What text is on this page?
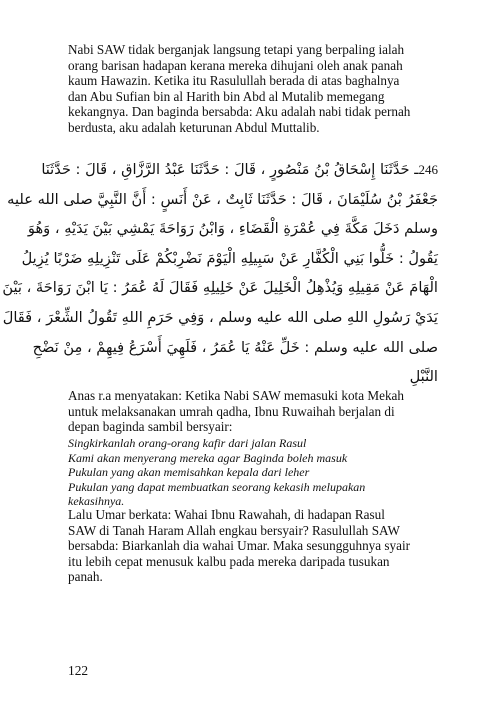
Nabi SAW tidak berganjak langsung tetapi yang berpaling ialah
orang barisan hadapan kerana mereka dihujani oleh anak panah
kaum Hawazin. Ketika itu Rasulullah berada di atas baghalnya
dan Abu Sufian bin al Harith bin Abd al Mutalib memegang
kekangnya. Dan baginda bersabda: Aku adalah nabi tidak pernah
berdusta, aku adalah keturunan Abdul Muttalib.
246ـ حَدَّثَنَا إِسْحَاقُ بْنُ مَنْصُورٍ ، قَالَ : حَدَّثَنَا عَبْدُ الرَّزَّاقِ ، قَالَ : حَدَّثَنَا
جَعْفَرُ بْنُ سُلَيْمَانَ ، قَالَ : حَدَّثَنَا ثَابِتٌ ، عَنْ أَنَسٍ : أَنَّ النَّبِيَّ صلى الله عليه
وسلم دَخَلَ مَكَّةَ فِي عُمْرَةِ الْقَضَاءِ ، وَابْنُ رَوَاحَةَ يَمْشِي بَيْنَ يَدَيْهِ ، وَهُوَ
يَقُولُ : خَلُّوا بَنِي الْكُفَّارِ عَنْ سَبِيلِهِ الْيَوْمَ نَضْرِبْكُمْ عَلَى تَنْزِيلِهِ ضَرْبًا يُزِيلُ
الْهَامَ عَنْ مَقِيلِهِ وَيُذْهِلُ الْخَلِيلَ عَنْ خَلِيلِهِ فَقَالَ لَهُ عُمَرُ : يَا ابْنَ رَوَاحَةَ ، بَيْنَ
يَدَيْ رَسُولِ اللهِ صلى الله عليه وسلم ، وَفِي حَرَمِ اللهِ تَقُولُ الشِّعْرَ ، فَقَالَ
صلى الله عليه وسلم : خَلِّ عَنْهُ يَا عُمَرُ ، فَلَهِيَ أَسْرَعُ فِيهِمْ ، مِنْ نَضْحِ
النَّبْلِ
Anas r.a menyatakan: Ketika Nabi SAW memasuki kota Mekah
untuk melaksanakan umrah qadha, Ibnu Ruwaihah berjalan di
depan baginda sambil bersyair:
Singkirkanlah orang-orang kafir dari jalan Rasul
Kami akan menyerang mereka agar Baginda boleh masuk
Pukulan yang akan memisahkan kepala dari leher
Pukulan yang dapat membuatkan seorang kekasih melupakan
kekasihnya.
Lalu Umar berkata: Wahai Ibnu Rawahah, di hadapan Rasul
SAW di Tanah Haram Allah engkau bersyair? Rasulullah SAW
bersabda: Biarkanlah dia wahai Umar. Maka sesungguhnya syair
itu lebih cepat menusuk kalbu pada mereka daripada tusukan
panah.
122
